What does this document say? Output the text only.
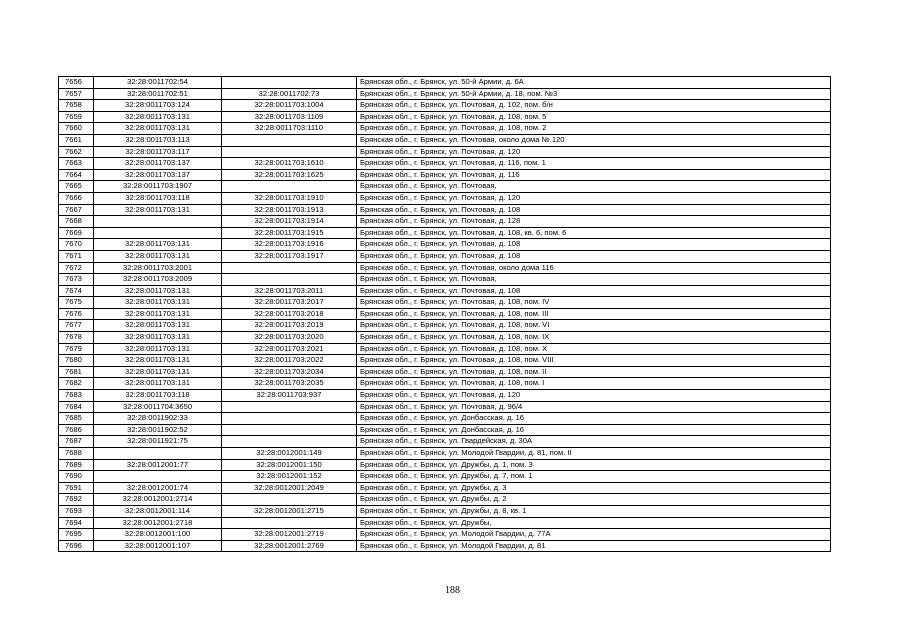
7656	32:28:0011702:54		Брянская обл., г. Брянск, ул. 50-й Армии, д. 6А
7657	32:28:0011702:51	32:28:0011702:73	Брянская обл., г. Брянск, ул. 50-й Армии, д. 18, пом. №3
7658	32:28:0011703:124	32:28:0011703:1004	Брянская обл., г. Брянск, ул. Почтовая, д. 102, пом. б/н
7659	32:28:0011703:131	32:28:0011703:1109	Брянская обл., г. Брянск, ул. Почтовая, д. 108, пом. 5
7660	32:28:0011703:131	32:28:0011703:1110	Брянская обл., г. Брянск, ул. Почтовая, д. 108, пом. 2
7661	32:28:0011703:113		Брянская обл., г. Брянск, ул. Почтовая, около дома № 120
7662	32:28:0011703:117		Брянская обл., г. Брянск, ул. Почтовая, д. 120
7663	32:28:0011703:137	32:28:0011703:1610	Брянская обл., г. Брянск, ул. Почтовая, д. 116, пом. 1
7664	32:28:0011703:137	32:28:0011703:1625	Брянская обл., г. Брянск, ул. Почтовая, д. 116
7665	32:28:0011703:1907		Брянская обл., г. Брянск, ул. Почтовая,
7666	32:28:0011703:118	32:28:0011703:1910	Брянская обл., г. Брянск, ул. Почтовая, д. 120
7667	32:28:0011703:131	32:28:0011703:1913	Брянская обл., г. Брянск, ул. Почтовая, д. 108
7668		32:28:0011703:1914	Брянская обл., г. Брянск, ул. Почтовая, д. 128
7669		32:28:0011703:1915	Брянская обл., г. Брянск, ул. Почтовая, д. 108, кв. 6, пом. 6
7670	32:28:0011703:131	32:28:0011703:1916	Брянская обл., г. Брянск, ул. Почтовая, д. 108
7671	32:28:0011703:131	32:28:0011703:1917	Брянская обл., г. Брянск, ул. Почтовая, д. 108
7672	32:28:0011703:2001		Брянская обл., г. Брянск, ул. Почтовая, около дома 116
7673	32:28:0011703:2009		Брянская обл., г. Брянск, ул. Почтовая,
7674	32:28:0011703:131	32:28:0011703:2011	Брянская обл., г. Брянск, ул. Почтовая, д. 108
7675	32:28:0011703:131	32:28:0011703:2017	Брянская обл., г. Брянск, ул. Почтовая, д. 108, пом. IV
7676	32:28:0011703:131	32:28:0011703:2018	Брянская обл., г. Брянск, ул. Почтовая, д. 108, пом. III
7677	32:28:0011703:131	32:28:0011703:2019	Брянская обл., г. Брянск, ул. Почтовая, д. 108, пом. VI
7678	32:28:0011703:131	32:28:0011703:2020	Брянская обл., г. Брянск, ул. Почтовая, д. 108, пом. IX
7679	32:28:0011703:131	32:28:0011703:2021	Брянская обл., г. Брянск, ул. Почтовая, д. 108, пом. X
7680	32:28:0011703:131	32:28:0011703:2022	Брянская обл., г. Брянск, ул. Почтовая, д. 108, пом. VIII
7681	32:28:0011703:131	32:28:0011703:2034	Брянская обл., г. Брянск, ул. Почтовая, д. 108, пом. II
7682	32:28:0011703:131	32:28:0011703:2035	Брянская обл., г. Брянск, ул. Почтовая, д. 108, пом. I
7683	32:28:0011703:118	32:28:0011703:937	Брянская обл., г. Брянск, ул. Почтовая, д. 120
7684	32:28:0011704:3650		Брянская обл., г. Брянск, ул. Почтовая, д. 96/4
7685	32:28:0011902:33		Брянская обл., г. Брянск, ул. Донбасская, д. 16
7686	32:28:0011902:52		Брянская обл., г. Брянск, ул. Донбасская, д. 16
7687	32:28:0011921:75		Брянская обл., г. Брянск, ул. Гвардейская, д. 30А
7688		32:28:0012001:149	Брянская обл., г. Брянск, ул. Молодой Гвардии, д. 81, пом. II
7689	32:28:0012001:77	32:28:0012001:150	Брянская обл., г. Брянск, ул. Дружбы, д. 1, пом. 3
7690		32:28:0012001:152	Брянская обл., г. Брянск, ул. Дружбы, д. 7, пом. 1
7691	32:28:0012001:74	32:28:0012001:2049	Брянская обл., г. Брянск, ул. Дружбы, д. 3
7692	32:28:0012001:2714		Брянская обл., г. Брянск, ул. Дружбы, д. 2
7693	32:28:0012001:114	32:28:0012001:2715	Брянская обл., г. Брянск, ул. Дружбы, д. 8, кв. 1
7694	32:28:0012001:2718		Брянская обл., г. Брянск, ул. Дружбы,
7695	32:28:0012001:100	32:28:0012001:2719	Брянская обл., г. Брянск, ул. Молодой Гвардии, д. 77А
7696	32:28:0012001:107	32:28:0012001:2769	Брянская обл., г. Брянск, ул. Молодой Гвардии, д. 81
188
